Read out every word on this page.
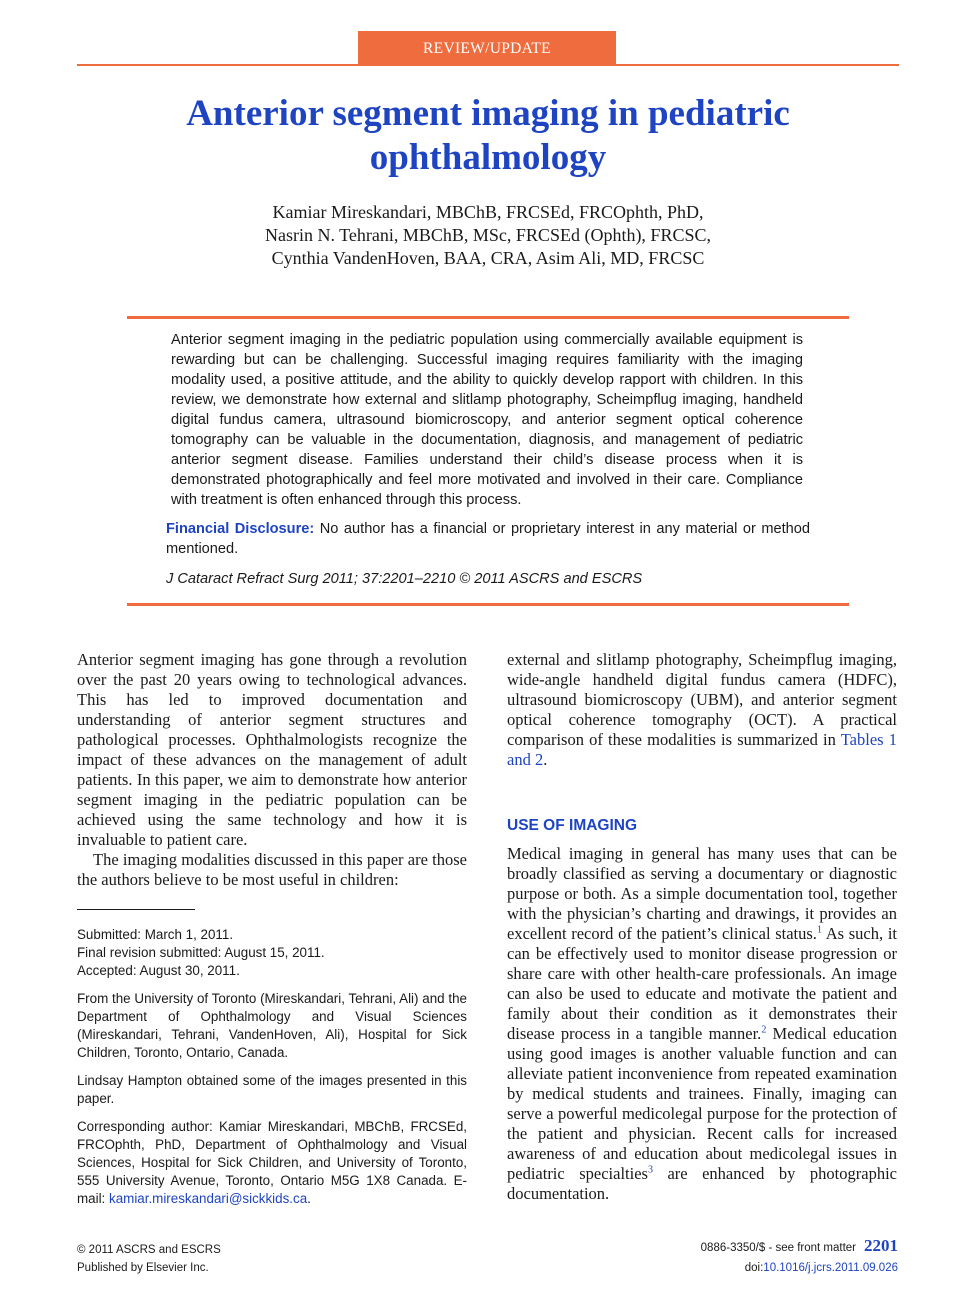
REVIEW/UPDATE
Anterior segment imaging in pediatric
ophthalmology
Kamiar Mireskandari, MBChB, FRCSEd, FRCOphth, PhD,
Nasrin N. Tehrani, MBChB, MSc, FRCSEd (Ophth), FRCSC,
Cynthia VandenHoven, BAA, CRA, Asim Ali, MD, FRCSC
Anterior segment imaging in the pediatric population using commercially available equipment is rewarding but can be challenging. Successful imaging requires familiarity with the imaging modality used, a positive attitude, and the ability to quickly develop rapport with children. In this review, we demonstrate how external and slitlamp photography, Scheimpflug imaging, handheld digital fundus camera, ultrasound biomicroscopy, and anterior segment optical coherence tomography can be valuable in the documentation, diagnosis, and management of pediatric anterior segment disease. Families understand their child’s disease process when it is demonstrated photographically and feel more motivated and involved in their care. Compliance with treatment is often enhanced through this process.
Financial Disclosure: No author has a financial or proprietary interest in any material or method mentioned.
J Cataract Refract Surg 2011; 37:2201–2210 © 2011 ASCRS and ESCRS

Anterior segment imaging has gone through a revolution over the past 20 years owing to technological advances. This has led to improved documentation and understanding of anterior segment structures and pathological processes. Ophthalmologists recognize the impact of these advances on the management of adult patients. In this paper, we aim to demonstrate how anterior segment imaging in the pediatric population can be achieved using the same technology and how it is invaluable to patient care.

The imaging modalities discussed in this paper are those the authors believe to be most useful in children:

Submitted: March 1, 2011.

Final revision submitted: August 15, 2011.

Accepted: August 30, 2011.

From the University of Toronto (Mireskandari, Tehrani, Ali) and the Department of Ophthalmology and Visual Sciences (Mireskandari, Tehrani, VandenHoven, Ali), Hospital for Sick Children, Toronto, Ontario, Canada.

Lindsay Hampton obtained some of the images presented in this paper.

Corresponding author: Kamiar Mireskandari, MBChB, FRCSEd, FRCOphth, PhD, Department of Ophthalmology and Visual Sciences, Hospital for Sick Children, and University of Toronto, 555 University Avenue, Toronto, Ontario M5G 1X8 Canada. E-mail: kamiar.mireskandari@sickkids.ca.

external and slitlamp photography, Scheimpflug imaging, wide-angle handheld digital fundus camera (HDFC), ultrasound biomicroscopy (UBM), and anterior segment optical coherence tomography (OCT). A practical comparison of these modalities is summarized in Tables 1 and 2.

USE OF IMAGING

Medical imaging in general has many uses that can be broadly classified as serving a documentary or diagnostic purpose or both. As a simple documentation tool, together with the physician’s charting and drawings, it provides an excellent record of the patient’s clinical status.$^1$ As such, it can be effectively used to monitor disease progression or share care with other health-care professionals. An image can also be used to educate and motivate the patient and family about their condition as it demonstrates their disease process in a tangible manner.$^2$ Medical education using good images is another valuable function and can alleviate patient inconvenience from repeated examination by medical students and trainees. Finally, imaging can serve a powerful medicolegal purpose for the protection of the patient and physician. Recent calls for increased awareness of and education about medicolegal issues in pediatric specialties$^3$ are enhanced by photographic documentation.

© 2011 ASCRS and ESCRS
Published by Elsevier Inc.
0886-3350/$ - see front matter 2201
doi:10.1016/j.jcrs.2011.09.026
